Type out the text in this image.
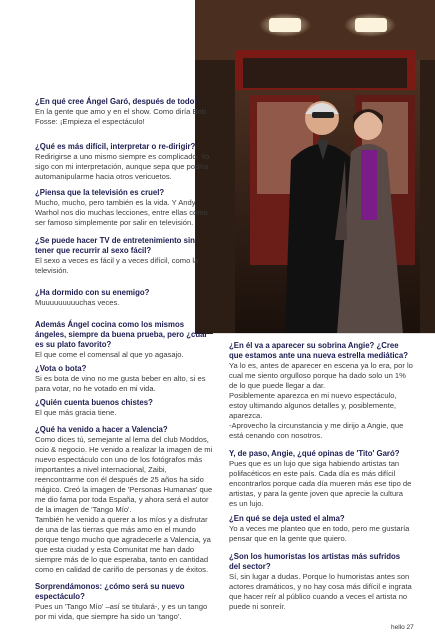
¿En qué cree Ángel Garó, después de todo?
En la gente que amo y en el show. Como diría Bob Fosse: ¡Empieza el espectáculo!
¿Qué es más difícil, interpretar o re-dirigir?
Redirigirse a uno mismo siempre es complicado. Yo sigo con mi interpretación, aunque sepa que podría automanipularme hacia otros vericuetos.
¿Piensa que la televisión es cruel?
Mucho, mucho, pero también es la vida. Y Andy Warhol nos dio muchas lecciones, entre ellas cómo ser famoso simplemente por salir en televisión.
¿Se puede hacer TV de entretenimiento sin tener que recurrir al sexo fácil?
El sexo a veces es fácil y a veces difícil, como la televisión.
¿Ha dormido con su enemigo?
Muuuuuuuuuchas veces.
Además Ángel cocina como los mismos ángeles, siempre da buena prueba, pero ¿cuál es su plato favorito?
El que come el comensal al que yo agasajo.
¿Vota o bota?
Si es bota de vino no me gusta beber en alto, si es para votar, no he votado en mi vida.
¿Quién cuenta buenos chistes?
El que más gracia tiene.
¿Qué ha venido a hacer a Valencia?
Como dices tú, semejante al lema del club Moddos, ocio & negocio. He venido a realizar la imagen de mi nuevo espectáculo con uno de los fotógrafos más importantes a nivel internacional, Zaibi, reencontrarme con él después de 25 años ha sido mágico. Creó la imagen de 'Personas Humanas' que me dio fama por toda España, y ahora será el autor de la imagen de 'Tango Mío'.
También he venido a querer a los míos y a disfrutar de una de las tierras que más amo en el mundo porque tengo mucho que agradecerle a Valencia, ya que esta ciudad y esta Comunitat me han dado siempre más de lo que esperaba, tanto en cantidad como en calidad de cariño de personas y de éxitos.
Sorprendámonos: ¿cómo será su nuevo espectáculo?
Pues un 'Tango Mío' –así se titulará-, y es un tango por mi vida, que siempre ha sido un 'tango'.
¿En él va a aparecer su sobrina Angie? ¿Cree que estamos ante una nueva estrella mediática?
Ya lo es, antes de aparecer en escena ya lo era, por lo cual me siento orgulloso porque ha dado solo un 1% de lo que puede llegar a dar.
Posiblemente aparezca en mi nuevo espectáculo, estoy ultimando algunos detalles y, posiblemente, aparezca.
-Aprovecho la circunstancia y me dirijo a Angie, que está cenando con nosotros.
Y, de paso, Angie, ¿qué opinas de 'Tito' Garó?
Pues que es un lujo que siga habiendo artistas tan polifacéticos en este país. Cada día es más difícil encontrarlos porque cada día mueren más ese tipo de artistas, y para la gente joven que aprecie la cultura es un lujo.
¿En qué se deja usted el alma?
Yo a veces me planteo que en todo, pero me gustaría pensar que en la gente que quiero.
¿Son los humoristas los artistas más sufridos del sector?
Sí, sin lugar a dudas. Porque lo humoristas antes son actores dramáticos, y no hay cosa más difícil e ingrata que hacer reír al público cuando a veces el artista no puede ni sonreír.
hello 27
